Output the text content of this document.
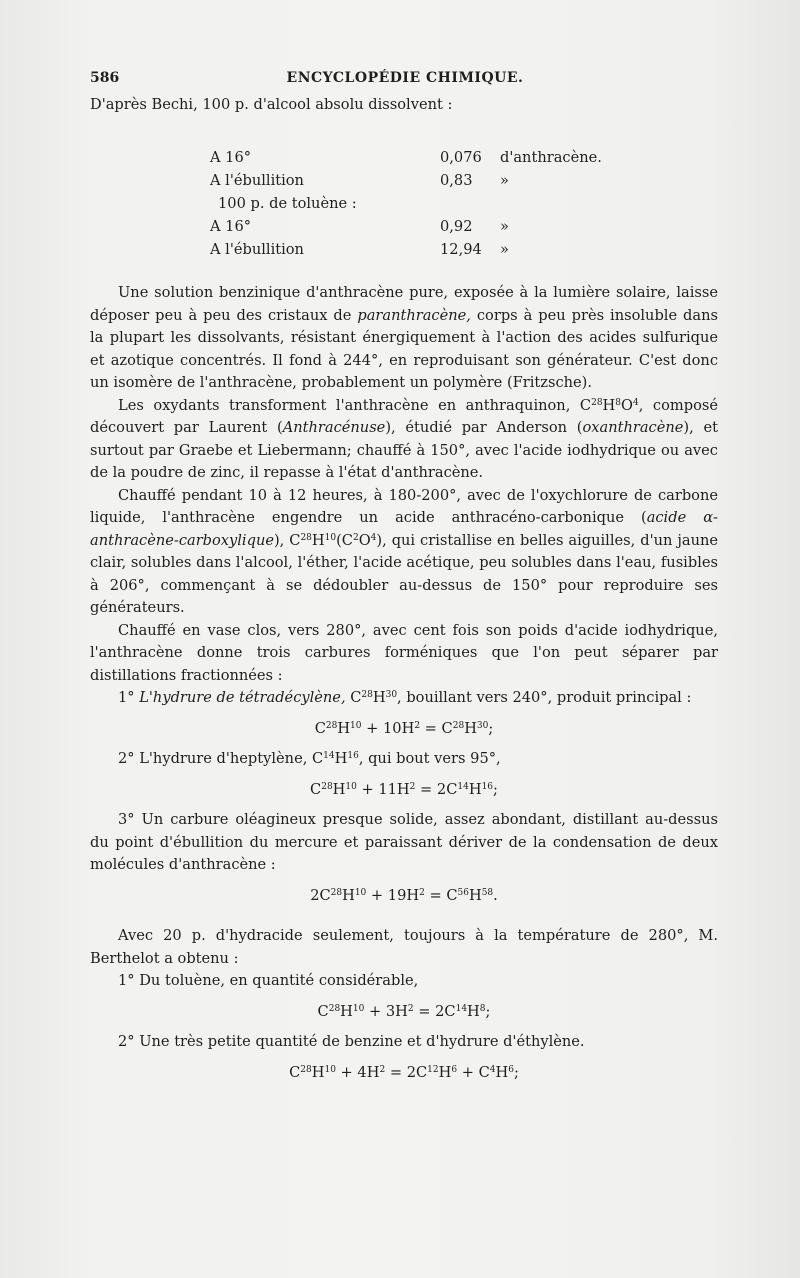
586	ENCYCLOPÉDIE CHIMIQUE.

D'après Bechi, 100 p. d'alcool absolu dissolvent :

A 16°	0,076 d'anthracène.
A l'ébullition	0,83 »
100 p. de toluène :
A 16°	0,92 »
A l'ébullition	12,94 »

Une solution benzinique d'anthracène pure, exposée à la lumière solaire, laisse déposer peu à peu des cristaux de paranthracène, corps à peu près insoluble dans la plupart les dissolvants, résistant énergiquement à l'action des acides sulfurique et azotique concentrés. Il fond à 244°, en reproduisant son générateur. C'est donc un isomère de l'anthracène, probablement un polymère (Fritzsche).

Les oxydants transforment l'anthracène en anthraquinon, $C^{28}H^8O^4$, composé découvert par Laurent (Anthracénuse), étudié par Anderson (oxanthracène), et surtout par Graebe et Liebermann; chauffé à 150°, avec l'acide iodhydrique ou avec de la poudre de zinc, il repasse à l'état d'anthracène.

Chauffé pendant 10 à 12 heures, à 180-200°, avec de l'oxychlorure de carbone liquide, l'anthracène engendre un acide anthracéno-carbonique (acide α-anthracène-carboxylique), $C^{28}H^{10}(C^2O^4)$, qui cristallise en belles aiguilles, d'un jaune clair, solubles dans l'alcool, l'éther, l'acide acétique, peu solubles dans l'eau, fusibles à 206°, commençant à se dédoubler au-dessus de 150° pour reproduire ses générateurs.

Chauffé en vase clos, vers 280°, avec cent fois son poids d'acide iodhydrique, l'anthracène donne trois carbures forméniques que l'on peut séparer par distillations fractionnées :

1° L'hydrure de tétradécylène, $C^{28}H^{30}$, bouillant vers 240°, produit principal :

$C^{28}H^{10} + 10H^2 = C^{28}H^{30}$;

2° L'hydrure d'heptylène, $C^{14}H^{16}$, qui bout vers 95°,

$C^{28}H^{10} + 11H^2 = 2C^{14}H^{16}$;

3° Un carbure oléagineux presque solide, assez abondant, distillant au-dessus du point d'ébullition du mercure et paraissant dériver de la condensation de deux molécules d'anthracène :

$2C^{28}H^{10} + 19H^2 = C^{56}H^{58}$.

Avec 20 p. d'hydracide seulement, toujours à la température de 280°, M. Berthelot a obtenu :

1° Du toluène, en quantité considérable,

$C^{28}H^{10} + 3H^2 = 2C^{14}H^8$;

2° Une très petite quantité de benzine et d'hydrure d'éthylène.

$C^{28}H^{10} + 4H^2 = 2C^{12}H^6 + C^4H^6$;
